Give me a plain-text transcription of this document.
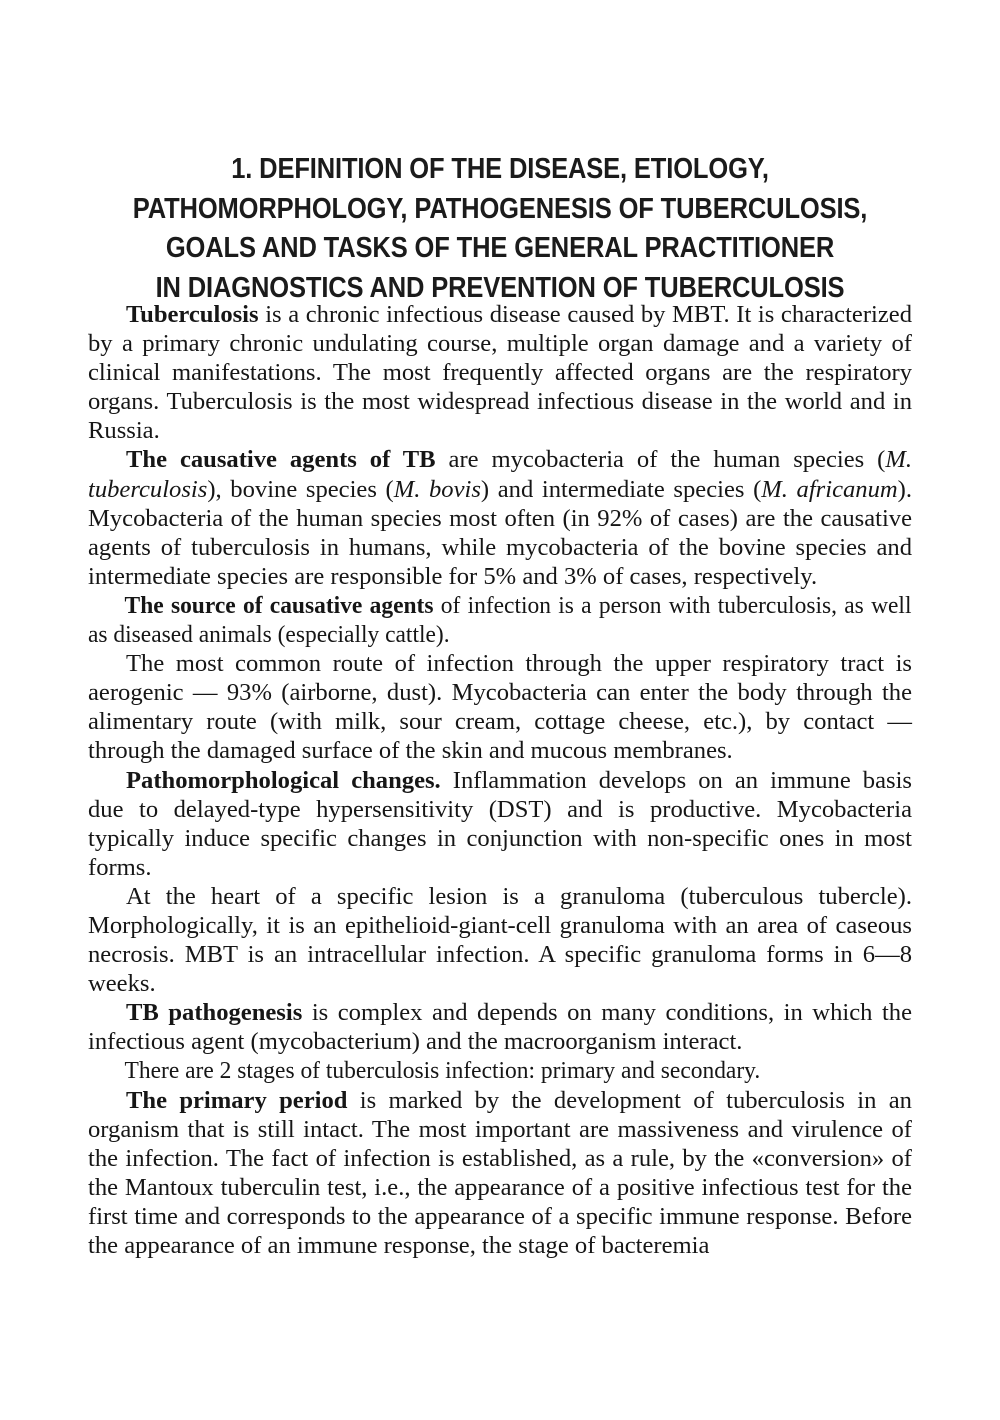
1. DEFINITION OF THE DISEASE, ETIOLOGY,
PATHOMORPHOLOGY, PATHOGENESIS OF TUBERCULOSIS,
GOALS AND TASKS OF THE GENERAL PRACTITIONER
IN DIAGNOSTICS AND PREVENTION OF TUBERCULOSIS

Tuberculosis is a chronic infectious disease caused by MBT. It is characterized by a primary chronic undulating course, multiple organ damage and a variety of clinical manifestations. The most frequently affected organs are the respiratory organs. Tuberculosis is the most widespread infectious disease in the world and in Russia.

The causative agents of TB are mycobacteria of the human species (M. tuberculosis), bovine species (M. bovis) and intermediate species (M. africanum). Mycobacteria of the human species most often (in 92% of cases) are the causative agents of tuberculosis in humans, while mycobacteria of the bovine species and intermediate species are responsible for 5% and 3% of cases, respectively.

The source of causative agents of infection is a person with tuberculosis, as well as diseased animals (especially cattle).

The most common route of infection through the upper respiratory tract is aerogenic — 93% (airborne, dust). Mycobacteria can enter the body through the alimentary route (with milk, sour cream, cottage cheese, etc.), by contact — through the damaged surface of the skin and mucous membranes.

Pathomorphological changes. Inflammation develops on an immune basis due to delayed-type hypersensitivity (DST) and is productive. Mycobacteria typically induce specific changes in conjunction with non-specific ones in most forms.

At the heart of a specific lesion is a granuloma (tuberculous tubercle). Morphologically, it is an epithelioid-giant-cell granuloma with an area of caseous necrosis. MBT is an intracellular infection. A specific granuloma forms in 6—8 weeks.

TB pathogenesis is complex and depends on many conditions, in which the infectious agent (mycobacterium) and the macroorganism interact.

There are 2 stages of tuberculosis infection: primary and secondary.

The primary period is marked by the development of tuberculosis in an organism that is still intact. The most important are massiveness and virulence of the infection. The fact of infection is established, as a rule, by the «conversion» of the Mantoux tuberculin test, i.e., the appearance of a positive infectious test for the first time and corresponds to the appearance of a specific immune response. Before the appearance of an immune response, the stage of bacteremia
